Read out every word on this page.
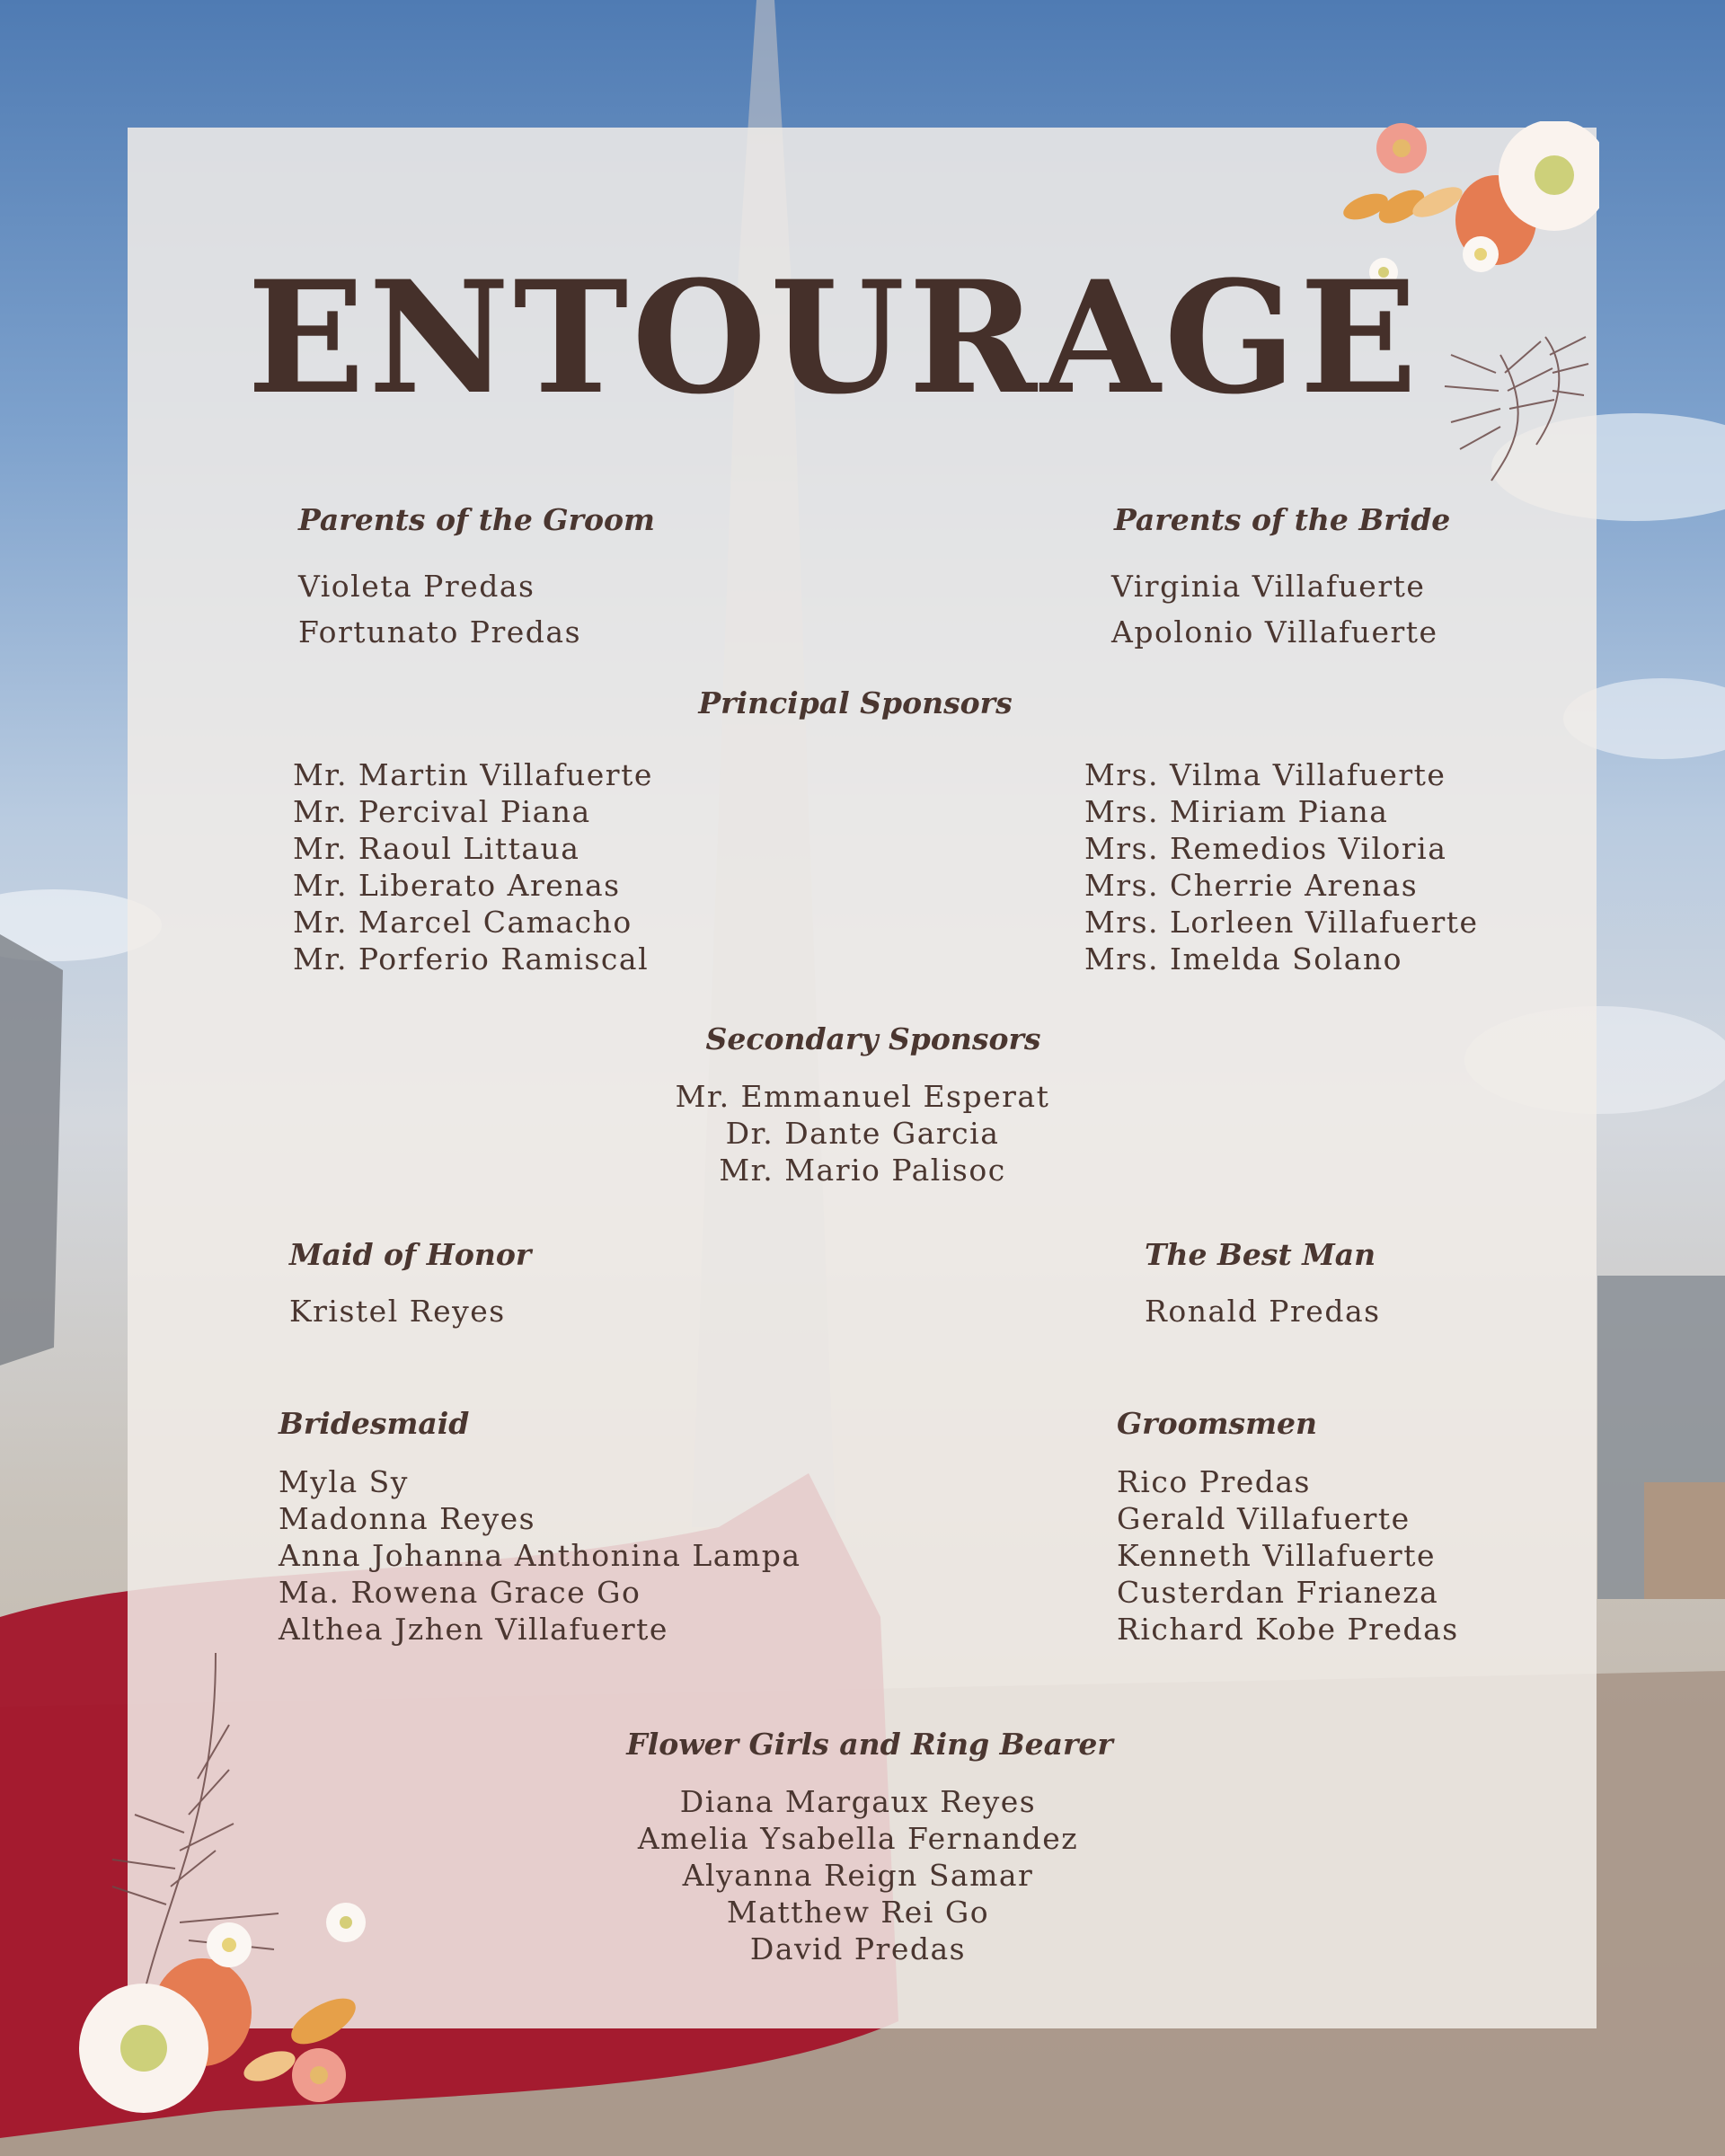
ENTOURAGE
Parents of the Groom
Violeta Predas
Fortunato Predas
Parents of the Bride
Virginia Villafuerte
Apolonio Villafuerte
Principal Sponsors
Mr. Martin Villafuerte
Mr. Percival Piana
Mr. Raoul Littaua
Mr. Liberato Arenas
Mr. Marcel Camacho
Mr. Porferio Ramiscal
Mrs. Vilma Villafuerte
Mrs. Miriam Piana
Mrs. Remedios Viloria
Mrs. Cherrie Arenas
Mrs. Lorleen Villafuerte
Mrs. Imelda Solano
Secondary Sponsors
Mr. Emmanuel Esperat
Dr. Dante Garcia
Mr. Mario Palisoc
Maid of Honor
Kristel Reyes
The Best Man
Ronald Predas
Bridesmaid
Myla Sy
Madonna Reyes
Anna Johanna Anthonina Lampa
Ma. Rowena Grace Go
Althea Jzhen Villafuerte
Groomsmen
Rico Predas
Gerald Villafuerte
Kenneth Villafuerte
Custerdan Frianeza
Richard Kobe Predas
Flower Girls and Ring Bearer
Diana Margaux Reyes
Amelia Ysabella Fernandez
Alyanna Reign Samar
Matthew Rei Go
David Predas
